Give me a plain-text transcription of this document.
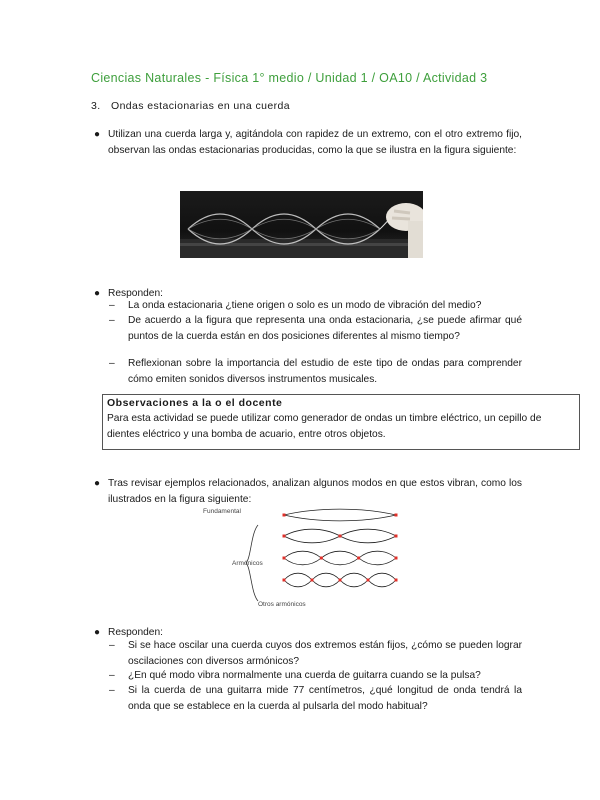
Ciencias Naturales - Física 1° medio / Unidad 1 / OA10 / Actividad 3
3. Ondas estacionarias en una cuerda
● Utilizan una cuerda larga y, agitándola con rapidez de un extremo, con el otro extremo fijo, observan las ondas estacionarias producidas, como la que se ilustra en la figura siguiente:

● Responden:

– La onda estacionaria ¿tiene origen o solo es un modo de vibración del medio?

– De acuerdo a la figura que representa una onda estacionaria, ¿se puede afirmar qué puntos de la cuerda están en dos posiciones diferentes al mismo tiempo?

– Reflexionan sobre la importancia del estudio de este tipo de ondas para comprender cómo emiten sonidos diversos instrumentos musicales.

Observaciones a la o el docente
Para esta actividad se puede utilizar como generador de ondas un timbre eléctrico, un cepillo de dientes eléctrico y una bomba de acuario, entre otros objetos.
● Tras revisar ejemplos relacionados, analizan algunos modos en que estos vibran, como los ilustrados en la figura siguiente:

Fundamental
Armónicos
Otros armónicos
● Responden:

– Si se hace oscilar una cuerda cuyos dos extremos están fijos, ¿cómo se pueden lograr oscilaciones con diversos armónicos?

– ¿En qué modo vibra normalmente una cuerda de guitarra cuando se la pulsa?

– Si la cuerda de una guitarra mide 77 centímetros, ¿qué longitud de onda tendrá la onda que se establece en la cuerda al pulsarla del modo habitual?
